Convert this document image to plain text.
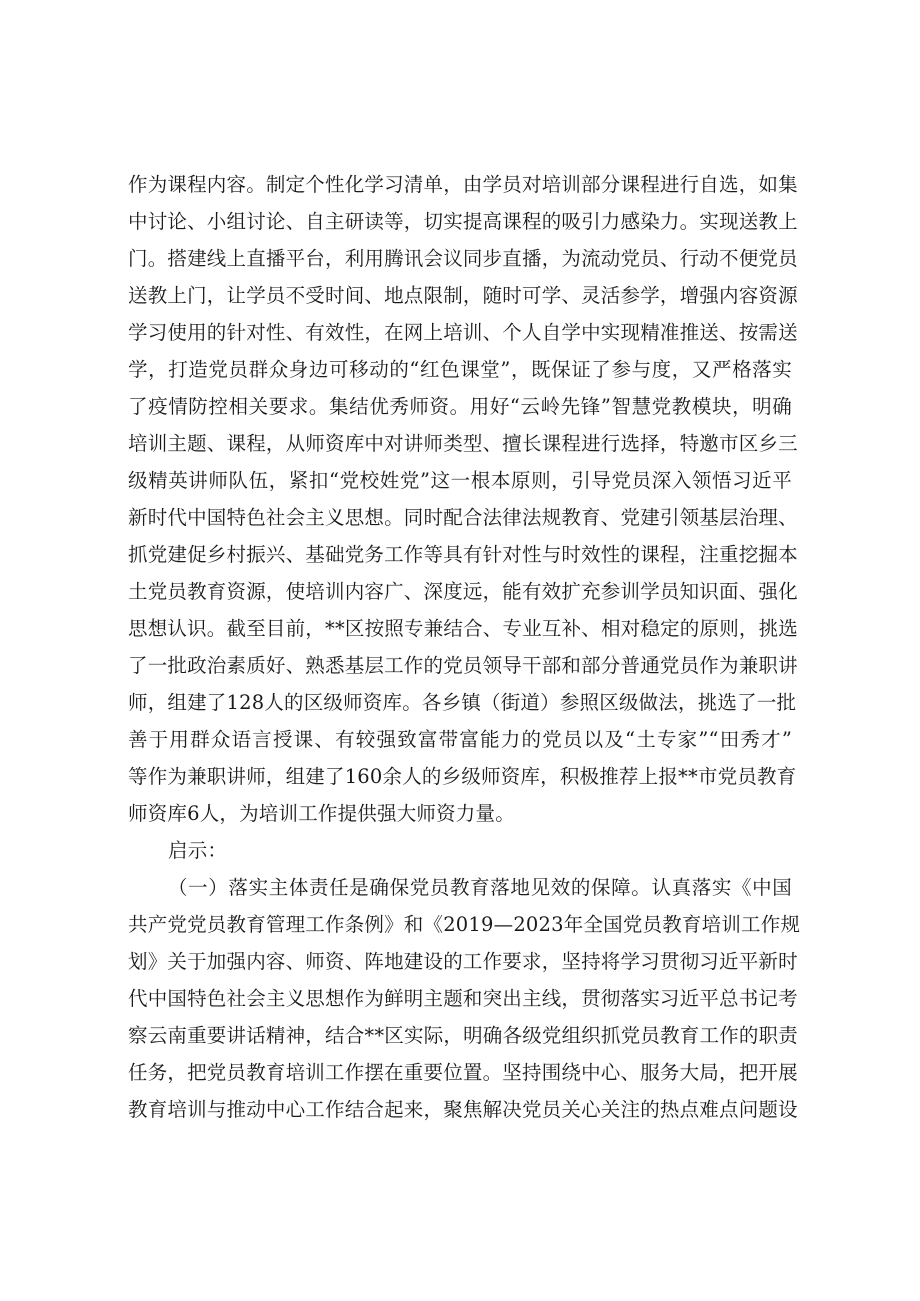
作为课程内容。制定个性化学习清单，由学员对培训部分课程进行自选，如集
中讨论、小组讨论、自主研读等，切实提高课程的吸引力感染力。实现送教上
门。搭建线上直播平台，利用腾讯会议同步直播，为流动党员、行动不便党员
送教上门，让学员不受时间、地点限制，随时可学、灵活参学，增强内容资源
学习使用的针对性、有效性，在网上培训、个人自学中实现精准推送、按需送
学，打造党员群众身边可移动的“红色课堂”，既保证了参与度，又严格落实
了疫情防控相关要求。集结优秀师资。用好“云岭先锋”智慧党教模块，明确
培训主题、课程，从师资库中对讲师类型、擅长课程进行选择，特邀市区乡三
级精英讲师队伍，紧扣“党校姓党”这一根本原则，引导党员深入领悟习近平
新时代中国特色社会主义思想。同时配合法律法规教育、党建引领基层治理、
抓党建促乡村振兴、基础党务工作等具有针对性与时效性的课程，注重挖掘本
土党员教育资源，使培训内容广、深度远，能有效扩充参训学员知识面、强化
思想认识。截至目前，**区按照专兼结合、专业互补、相对稳定的原则，挑选
了一批政治素质好、熟悉基层工作的党员领导干部和部分普通党员作为兼职讲
师，组建了128人的区级师资库。各乡镇（街道）参照区级做法，挑选了一批
善于用群众语言授课、有较强致富带富能力的党员以及“土专家”“田秀才”
等作为兼职讲师，组建了160余人的乡级师资库，积极推荐上报**市党员教育
师资库6人，为培训工作提供强大师资力量。
启示：
（一）落实主体责任是确保党员教育落地见效的保障。认真落实《中国
共产党党员教育管理工作条例》和《2019—2023年全国党员教育培训工作规
划》关于加强内容、师资、阵地建设的工作要求，坚持将学习贯彻习近平新时
代中国特色社会主义思想作为鲜明主题和突出主线，贯彻落实习近平总书记考
察云南重要讲话精神，结合**区实际，明确各级党组织抓党员教育工作的职责
任务，把党员教育培训工作摆在重要位置。坚持围绕中心、服务大局，把开展
教育培训与推动中心工作结合起来，聚焦解决党员关心关注的热点难点问题设
